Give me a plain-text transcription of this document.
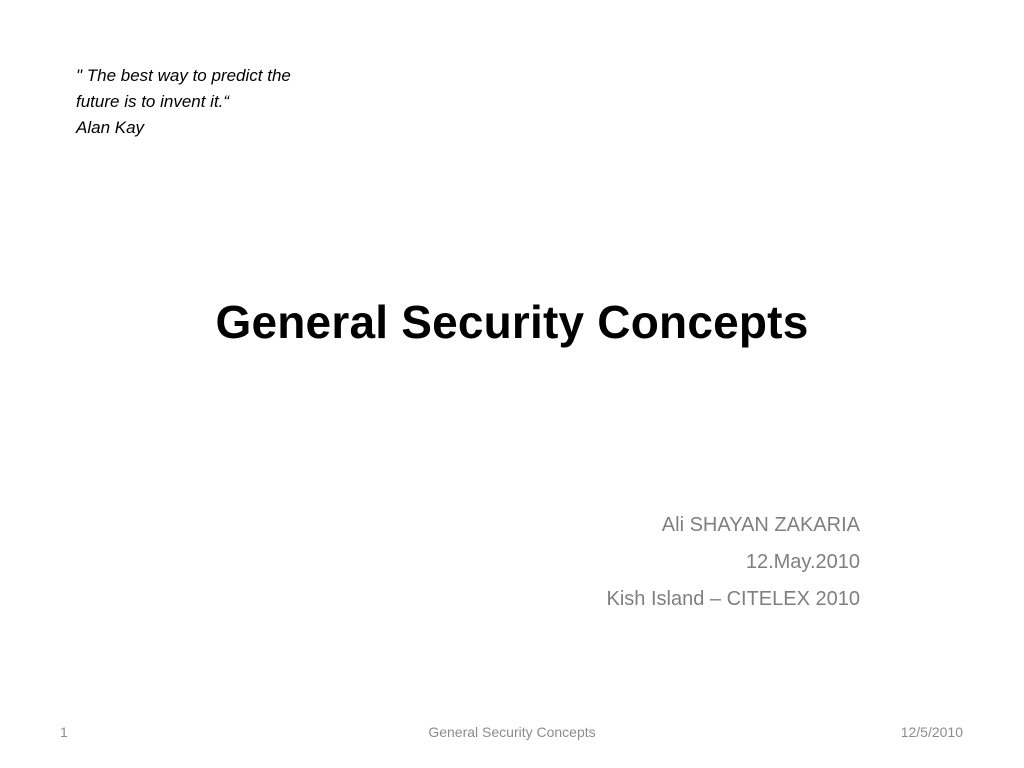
" The best way to predict the
future is to invent it.“
Alan Kay
General Security Concepts
Ali SHAYAN ZAKARIA
12.May.2010
Kish Island – CITELEX 2010
1	General Security Concepts	12/5/2010
